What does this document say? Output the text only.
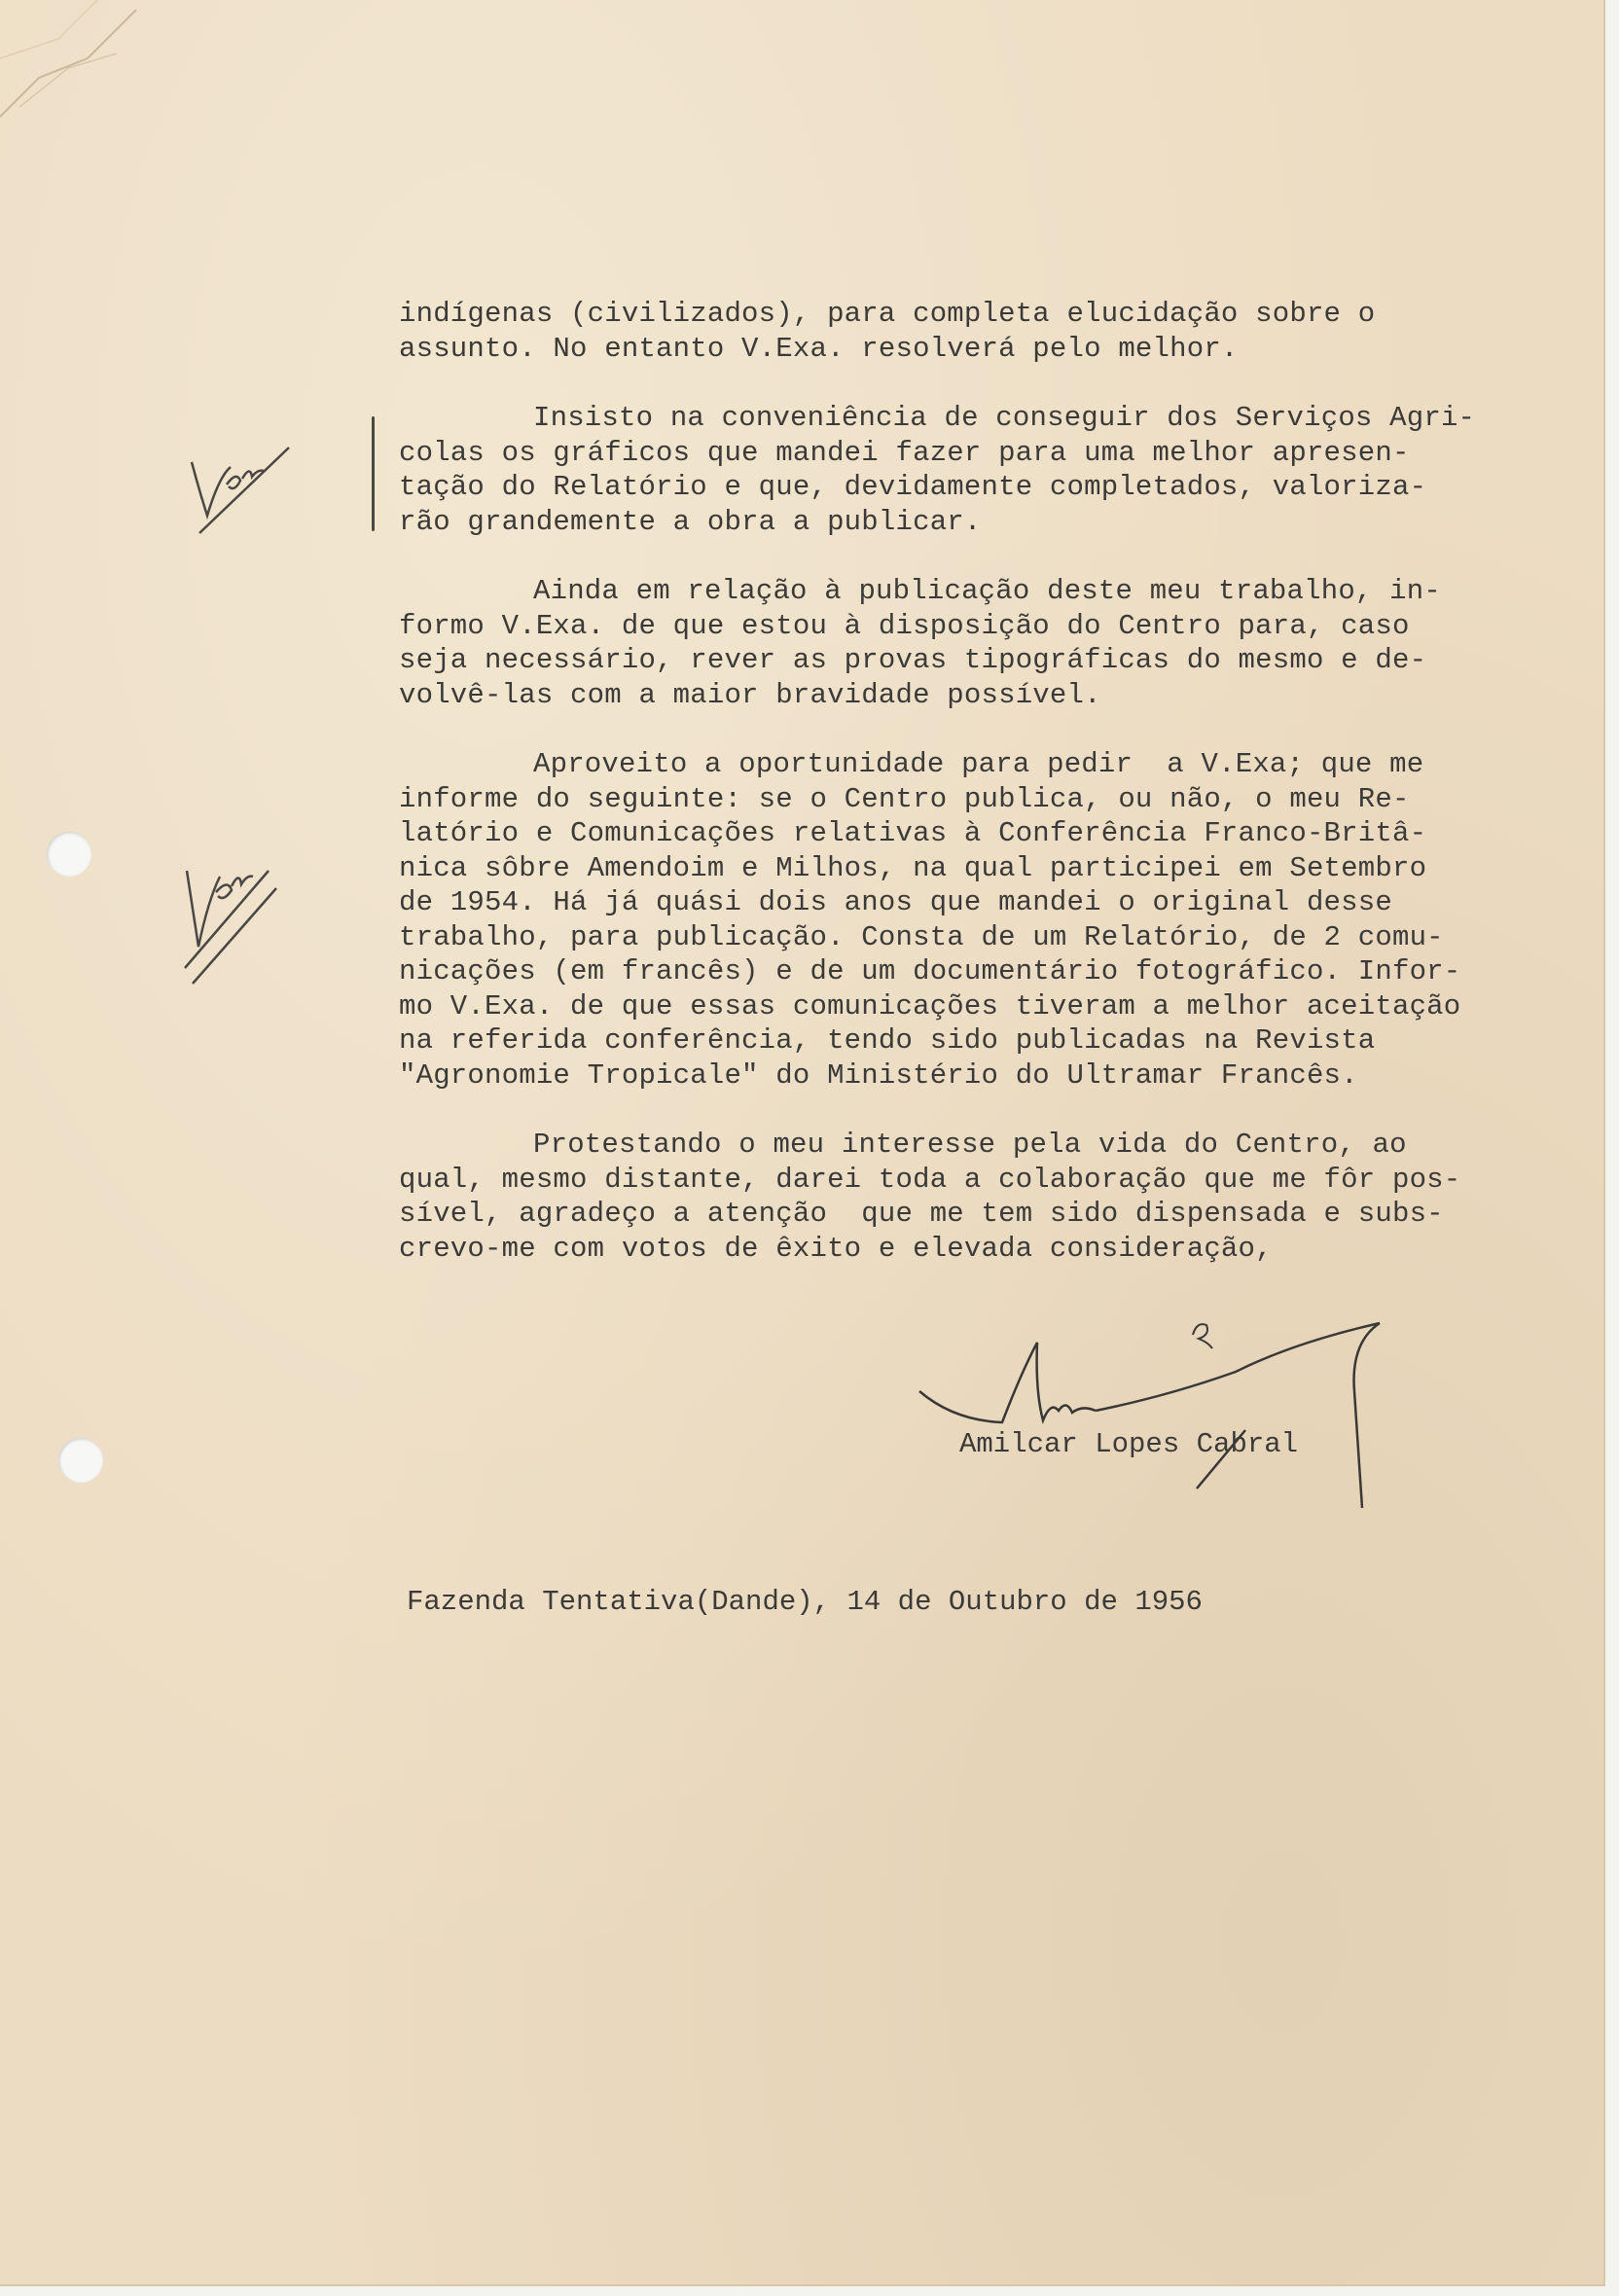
indígenas (civilizados), para completa elucidação sobre o
assunto. No entanto V.Exa. resolverá pelo melhor.
Insisto na conveniência de conseguir dos Serviços Agri-
colas os gráficos que mandei fazer para uma melhor apresen-
tação do Relatório e que, devidamente completados, valoriza-
rão grandemente a obra a publicar.
Ainda em relação à publicação deste meu trabalho, in-
formo V.Exa. de que estou à disposição do Centro para, caso
seja necessário, rever as provas tipográficas do mesmo e de-
volvê-las com a maior bravidade possível.
Aproveito a oportunidade para pedir  a V.Exa; que me
informe do seguinte: se o Centro publica, ou não, o meu Re-
latório e Comunicações relativas à Conferência Franco-Britâ-
nica sôbre Amendoim e Milhos, na qual participei em Setembro
de 1954. Há já quási dois anos que mandei o original desse
trabalho, para publicação. Consta de um Relatório, de 2 comu-
nicações (em francês) e de um documentário fotográfico. Infor-
mo V.Exa. de que essas comunicações tiveram a melhor aceitação
na referida conferência, tendo sido publicadas na Revista
"Agronomie Tropicale" do Ministério do Ultramar Francês.
Protestando o meu interesse pela vida do Centro, ao
qual, mesmo distante, darei toda a colaboração que me fôr pos-
sível, agradeço a atenção  que me tem sido dispensada e subs-
crevo-me com votos de êxito e elevada consideração,
Amilcar Lopes Cabral
Fazenda Tentativa(Dande), 14 de Outubro de 1956
